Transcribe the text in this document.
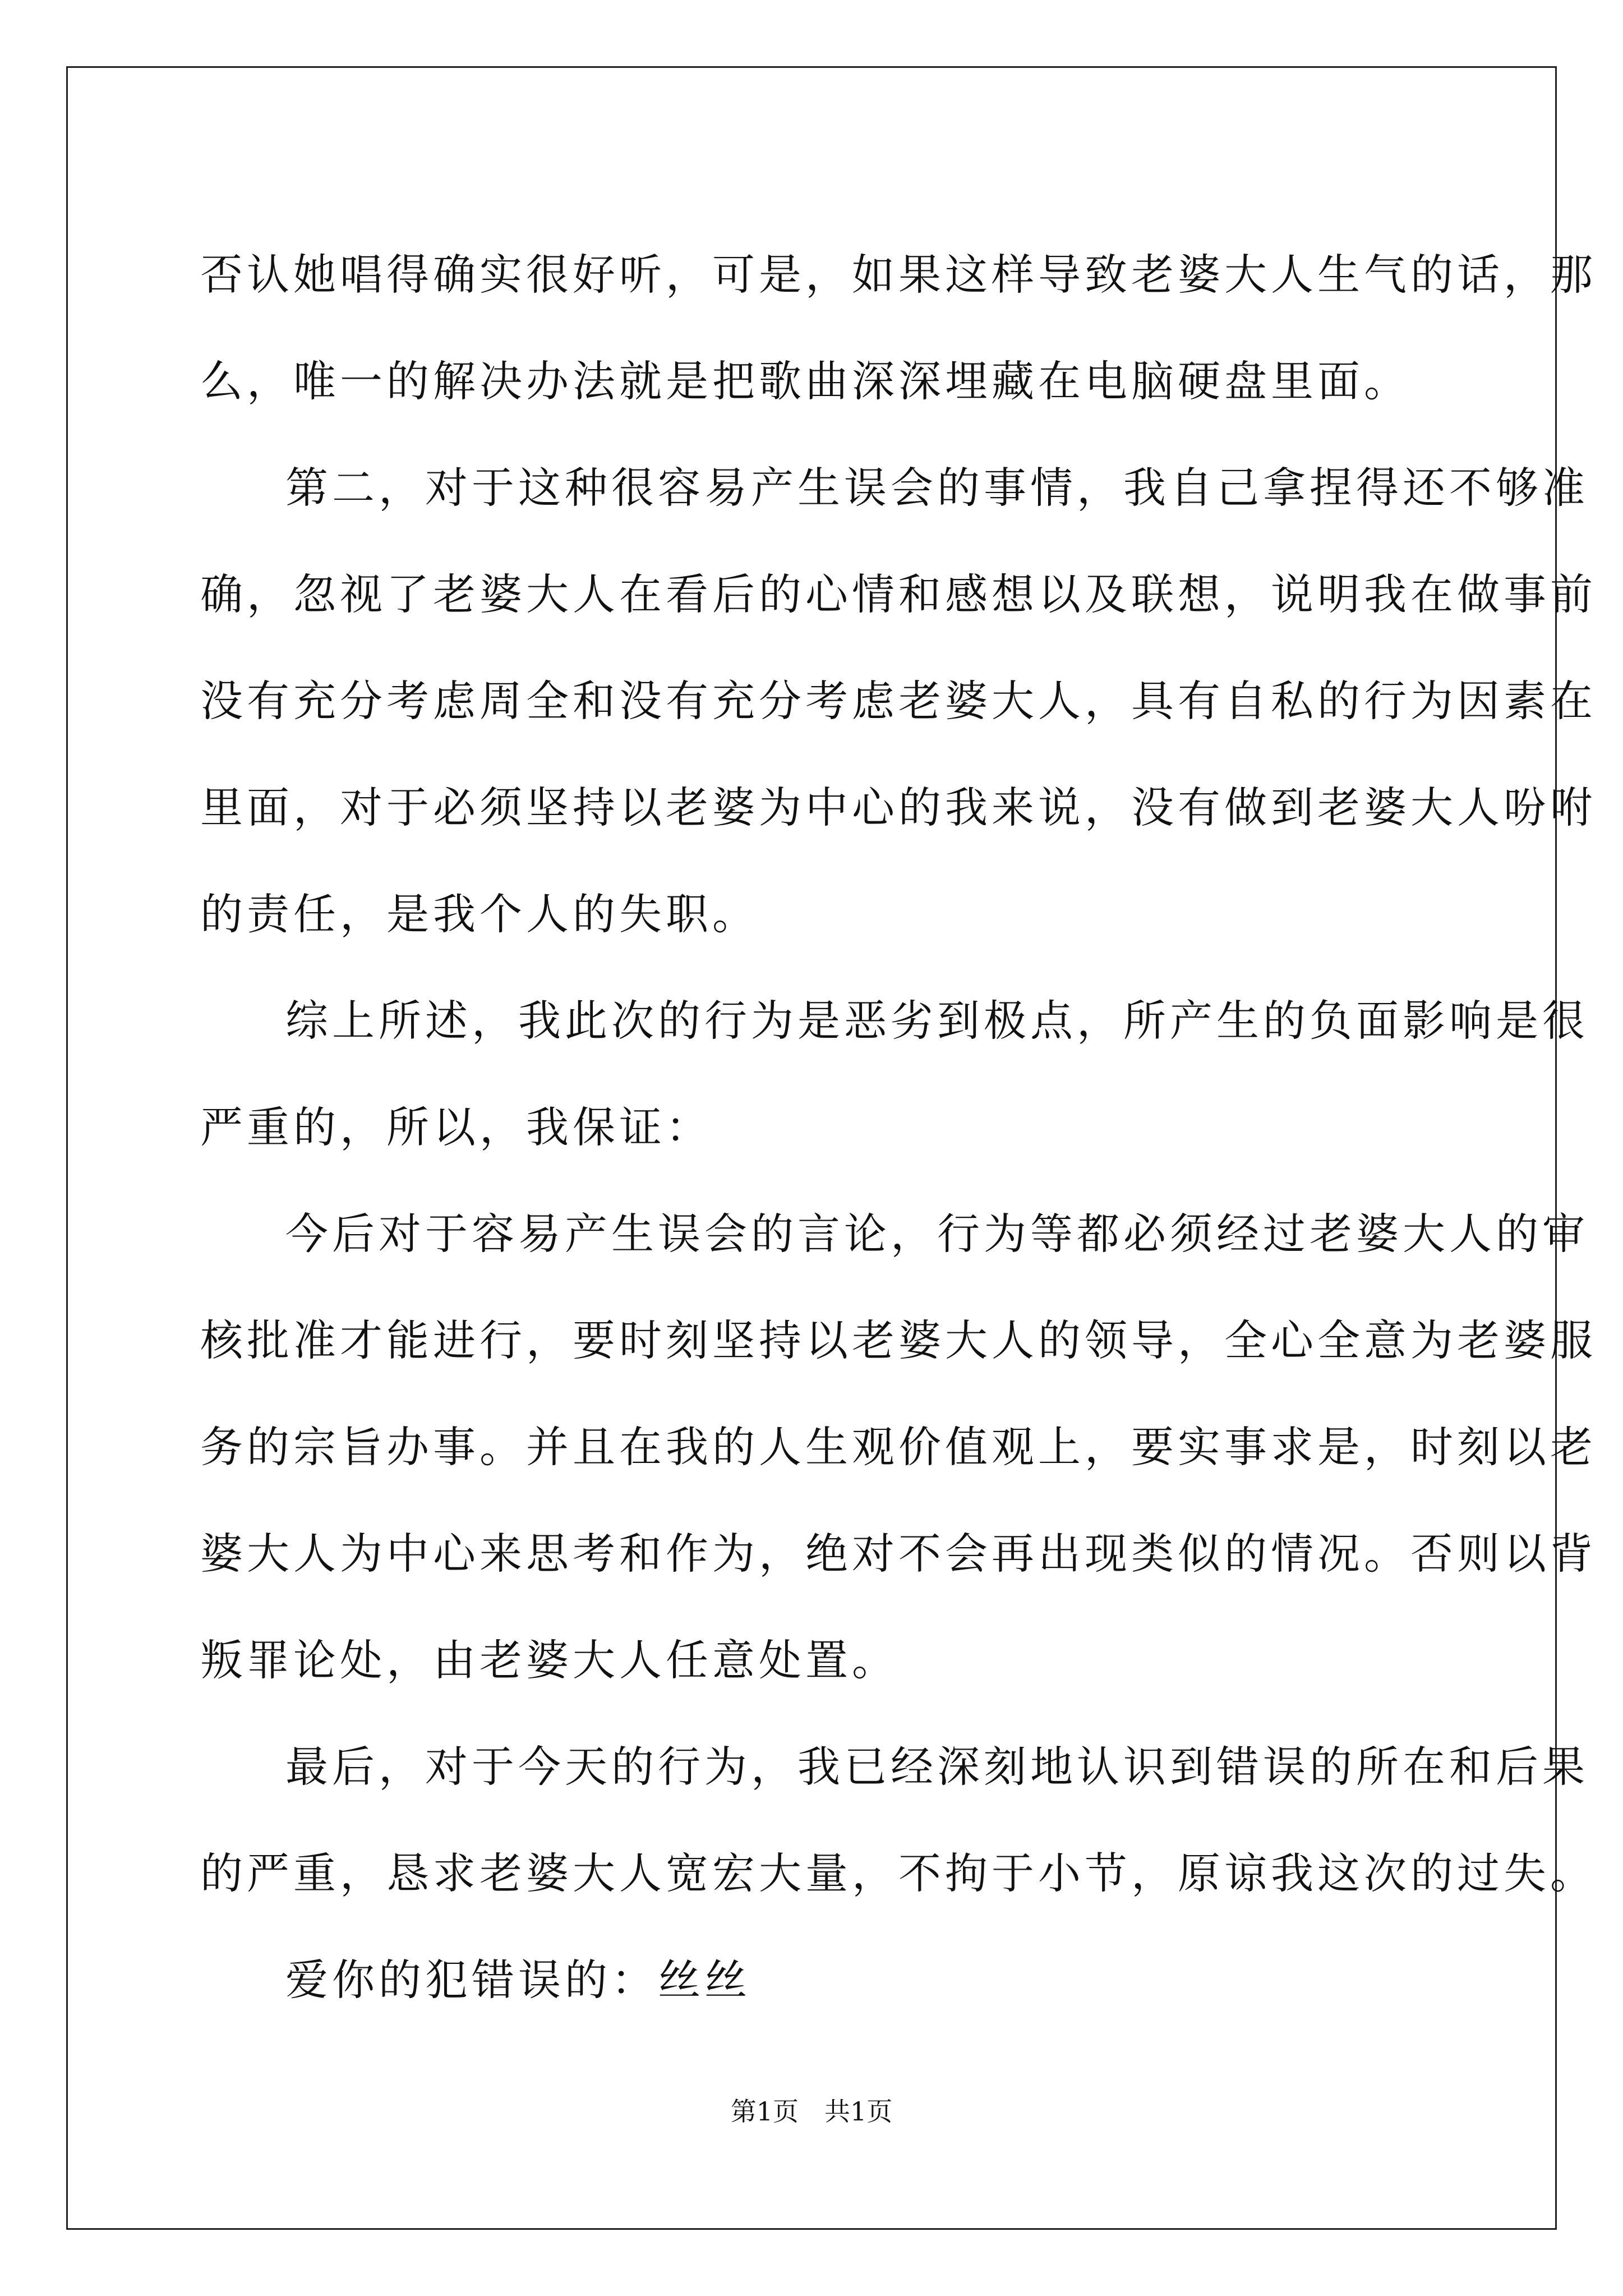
否认她唱得确实很好听，可是，如果这样导致老婆大人生气的话，那
么，唯一的解决办法就是把歌曲深深埋藏在电脑硬盘里面。
第二，对于这种很容易产生误会的事情，我自己拿捏得还不够准
确，忽视了老婆大人在看后的心情和感想以及联想，说明我在做事前
没有充分考虑周全和没有充分考虑老婆大人，具有自私的行为因素在
里面，对于必须坚持以老婆为中心的我来说，没有做到老婆大人吩咐
的责任，是我个人的失职。
综上所述，我此次的行为是恶劣到极点，所产生的负面影响是很
严重的，所以，我保证：
今后对于容易产生误会的言论，行为等都必须经过老婆大人的审
核批准才能进行，要时刻坚持以老婆大人的领导，全心全意为老婆服
务的宗旨办事。并且在我的人生观价值观上，要实事求是，时刻以老
婆大人为中心来思考和作为，绝对不会再出现类似的情况。否则以背
叛罪论处，由老婆大人任意处置。
最后，对于今天的行为，我已经深刻地认识到错误的所在和后果
的严重，恳求老婆大人宽宏大量，不拘于小节，原谅我这次的过失。
爱你的犯错误的：丝丝
第1页　共1页
